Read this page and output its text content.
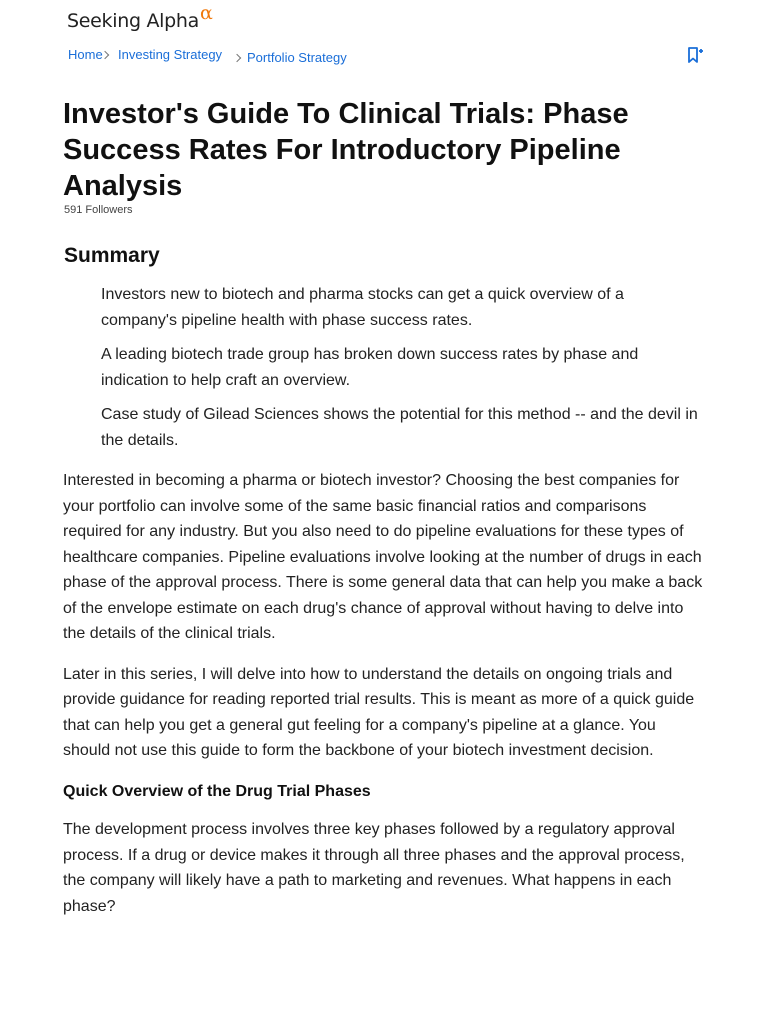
Seeking Alpha α
Home Investing Strategy Portfolio Strategy
Investor's Guide To Clinical Trials: Phase Success Rates For Introductory Pipeline Analysis
591 Followers
Summary
Investors new to biotech and pharma stocks can get a quick overview of a company's pipeline health with phase success rates.
A leading biotech trade group has broken down success rates by phase and indication to help craft an overview.
Case study of Gilead Sciences shows the potential for this method -- and the devil in the details.

Interested in becoming a pharma or biotech investor? Choosing the best companies for your portfolio can involve some of the same basic financial ratios and comparisons required for any industry. But you also need to do pipeline evaluations for these types of healthcare companies. Pipeline evaluations involve looking at the number of drugs in each phase of the approval process. There is some general data that can help you make a back of the envelope estimate on each drug's chance of approval without having to delve into the details of the clinical trials.

Later in this series, I will delve into how to understand the details on ongoing trials and provide guidance for reading reported trial results. This is meant as more of a quick guide that can help you get a general gut feeling for a company's pipeline at a glance. You should not use this guide to form the backbone of your biotech investment decision.

Quick Overview of the Drug Trial Phases

The development process involves three key phases followed by a regulatory approval process. If a drug or device makes it through all three phases and the approval process, the company will likely have a path to marketing and revenues. What happens in each phase?
